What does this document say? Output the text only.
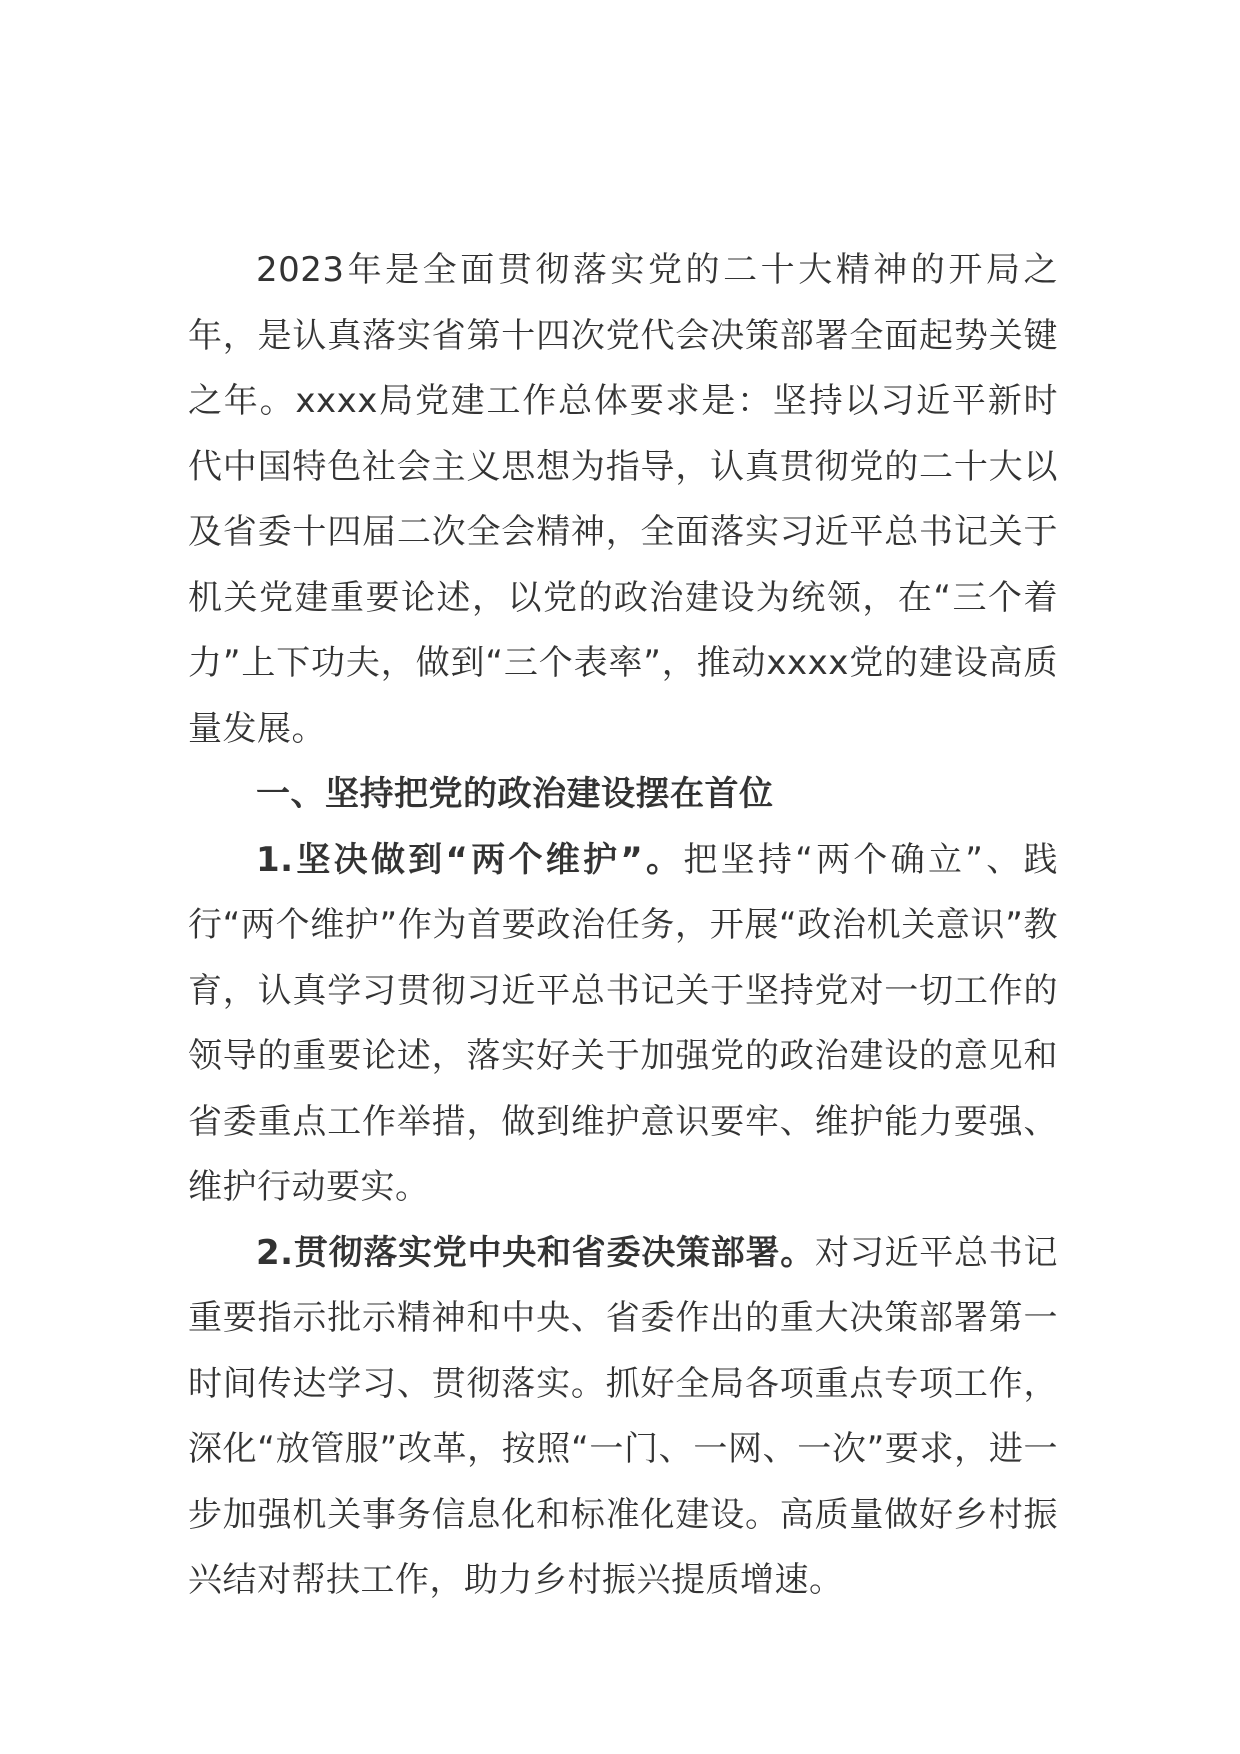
2023年是全面贯彻落实党的二十大精神的开局之年，是认真落实省第十四次党代会决策部署全面起势关键之年。xxxx局党建工作总体要求是：坚持以习近平新时代中国特色社会主义思想为指导，认真贯彻党的二十大以及省委十四届二次全会精神，全面落实习近平总书记关于机关党建重要论述，以党的政治建设为统领，在“三个着力”上下功夫，做到“三个表率”，推动xxxx党的建设高质量发展。

一、坚持把党的政治建设摆在首位

1.坚决做到“两个维护”。把坚持“两个确立”、践行“两个维护”作为首要政治任务，开展“政治机关意识”教育，认真学习贯彻习近平总书记关于坚持党对一切工作的领导的重要论述，落实好关于加强党的政治建设的意见和省委重点工作举措，做到维护意识要牢、维护能力要强、维护行动要实。

2.贯彻落实党中央和省委决策部署。对习近平总书记重要指示批示精神和中央、省委作出的重大决策部署第一时间传达学习、贯彻落实。抓好全局各项重点专项工作，深化“放管服”改革，按照“一门、一网、一次”要求，进一步加强机关事务信息化和标准化建设。高质量做好乡村振兴结对帮扶工作，助力乡村振兴提质增速。
